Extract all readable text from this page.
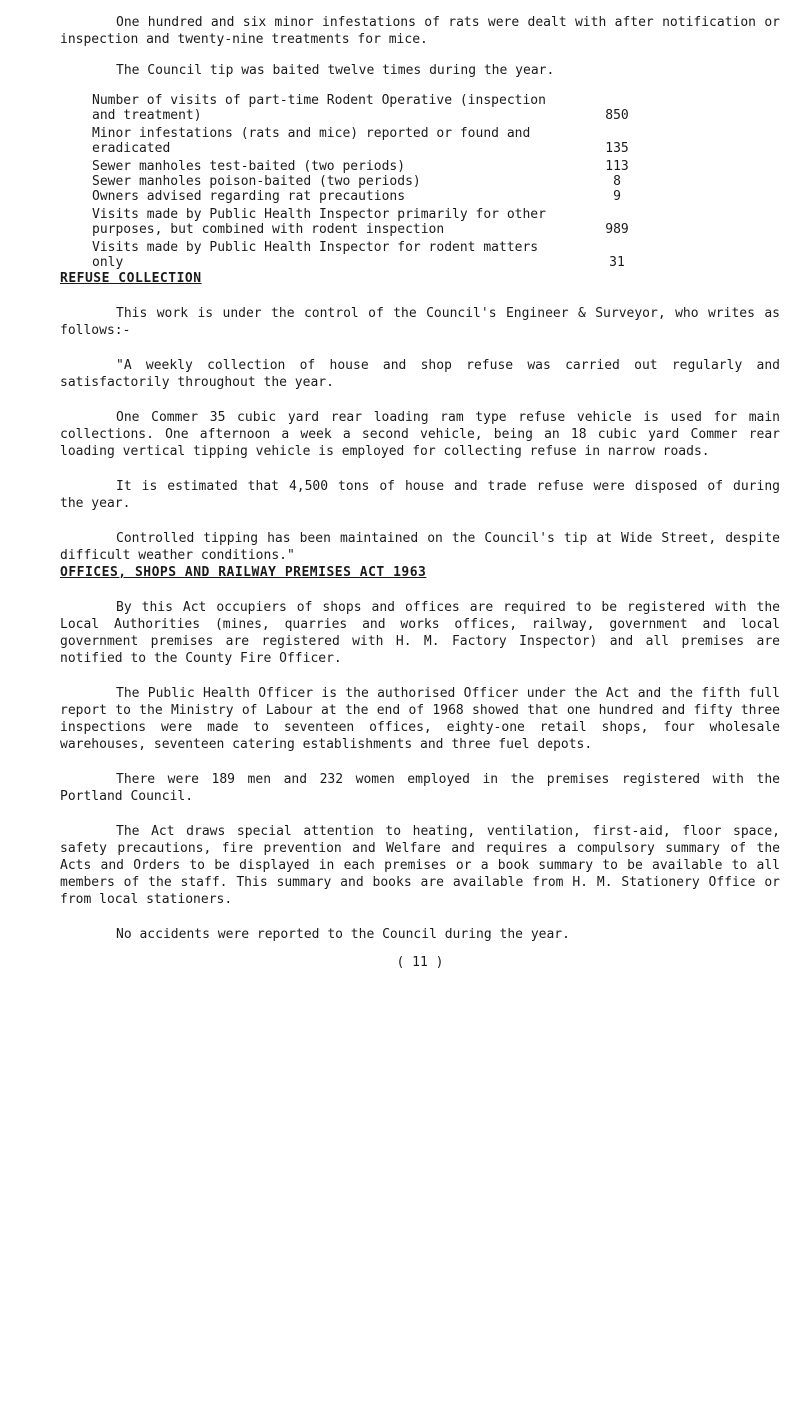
One hundred and six minor infestations of rats were dealt with after notification or inspection and twenty-nine treatments for mice.

The Council tip was baited twelve times during the year.

Number of visits of part-time Rodent Operative (inspection and treatment)	850
Minor infestations (rats and mice) reported or found and eradicated	135
Sewer manholes test-baited (two periods)	113
Sewer manholes poison-baited (two periods)	8
Owners advised regarding rat precautions	9
Visits made by Public Health Inspector primarily for other purposes, but combined with rodent inspection	989
Visits made by Public Health Inspector for rodent matters only	31

REFUSE COLLECTION

This work is under the control of the Council's Engineer & Surveyor, who writes as follows:-

"A weekly collection of house and shop refuse was carried out regularly and satisfactorily throughout the year.

One Commer 35 cubic yard rear loading ram type refuse vehicle is used for main collections. One afternoon a week a second vehicle, being an 18 cubic yard Commer rear loading vertical tipping vehicle is employed for collecting refuse in narrow roads.

It is estimated that 4,500 tons of house and trade refuse were disposed of during the year.

Controlled tipping has been maintained on the Council's tip at Wide Street, despite difficult weather conditions."

OFFICES, SHOPS AND RAILWAY PREMISES ACT 1963

By this Act occupiers of shops and offices are required to be registered with the Local Authorities (mines, quarries and works offices, railway, government and local government premises are registered with H. M. Factory Inspector) and all premises are notified to the County Fire Officer.

The Public Health Officer is the authorised Officer under the Act and the fifth full report to the Ministry of Labour at the end of 1968 showed that one hundred and fifty three inspections were made to seventeen offices, eighty-one retail shops, four wholesale warehouses, seventeen catering establishments and three fuel depots.

There were 189 men and 232 women employed in the premises registered with the Portland Council.

The Act draws special attention to heating, ventilation, first-aid, floor space, safety precautions, fire prevention and Welfare and requires a compulsory summary of the Acts and Orders to be displayed in each premises or a book summary to be available to all members of the staff. This summary and books are available from H. M. Stationery Office or from local stationers.

No accidents were reported to the Council during the year.

( 11 )
